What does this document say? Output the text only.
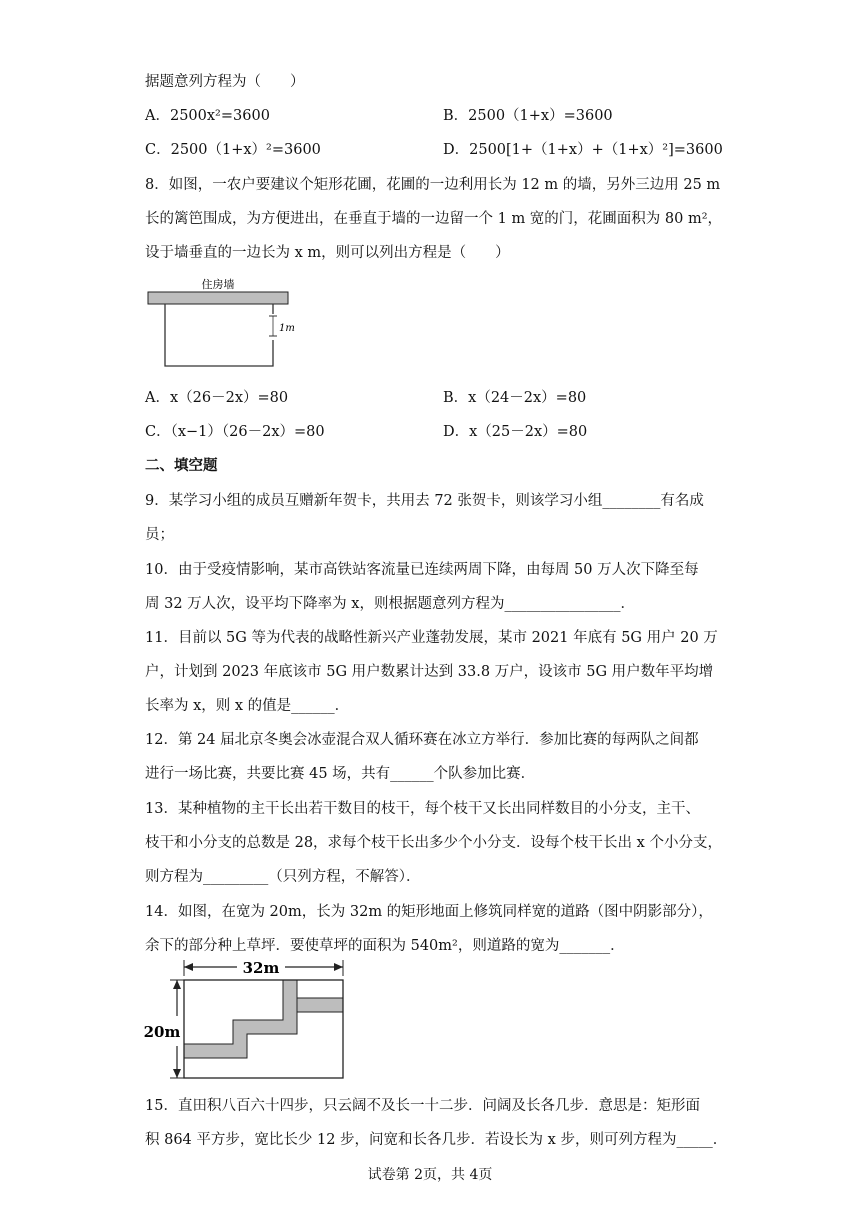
据题意列方程为（　　）
A．2500x²=3600	B．2500（1+x）=3600
C．2500（1+x）²=3600	D．2500[1+（1+x）+（1+x）²]=3600
8．如图，一农户要建议个矩形花圃，花圃的一边利用长为 12 m 的墙，另外三边用 25 m
长的篱笆围成，为方便进出，在垂直于墙的一边留一个 1 m 宽的门，花圃面积为 80 m²，
设于墙垂直的一边长为 x m，则可以列出方程是（　　）
住房墙
1m
A．x（26－2x）=80	B．x（24－2x）=80
C．（x−1）（26－2x）=80	D．x（25－2x）=80
二、填空题
9．某学习小组的成员互赠新年贺卡，共用去 72 张贺卡，则该学习小组________有名成
员；
10．由于受疫情影响，某市高铁站客流量已连续两周下降，由每周 50 万人次下降至每
周 32 万人次，设平均下降率为 x，则根据题意列方程为________________．
11．目前以 5G 等为代表的战略性新兴产业蓬勃发展，某市 2021 年底有 5G 用户 20 万
户，计划到 2023 年底该市 5G 用户数累计达到 33.8 万户，设该市 5G 用户数年平均增
长率为 x，则 x 的值是______．
12．第 24 届北京冬奥会冰壶混合双人循环赛在冰立方举行．参加比赛的每两队之间都
进行一场比赛，共要比赛 45 场，共有______个队参加比赛．
13．某种植物的主干长出若干数目的枝干，每个枝干又长出同样数目的小分支，主干、
枝干和小分支的总数是 28，求每个枝干长出多少个小分支．设每个枝干长出 x 个小分支，
则方程为_________（只列方程，不解答）．
14．如图，在宽为 20m，长为 32m 的矩形地面上修筑同样宽的道路（图中阴影部分），
余下的部分种上草坪．要使草坪的面积为 540m²，则道路的宽为_______．
32m
20m
15．直田积八百六十四步，只云阔不及长一十二步．问阔及长各几步．意思是：矩形面
积 864 平方步，宽比长少 12 步，问宽和长各几步．若设长为 x 步，则可列方程为_____．
试卷第 2页，共 4页
